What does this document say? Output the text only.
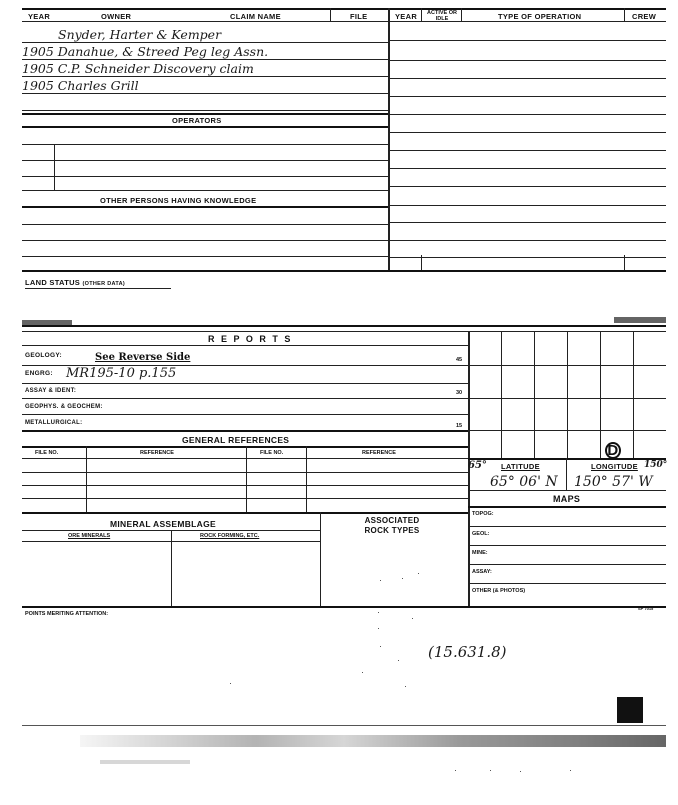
YEAR	OWNER	CLAIM NAME	FILE	YEAR	ACTIVE OR IDLE	TYPE OF OPERATION	CREW
Snyder, Harter & Kemper
1905 Danahue, & Streed Peg leg Assn.
1905 C.P. Schneider Discovery claim
1905 Charles Grill
OPERATORS
OTHER PERSONS HAVING KNOWLEDGE
LAND STATUS (OTHER DATA)
R E P O R T S
GEOLOGY:	See Reverse Side
ENGRG: MR195-10 p.155
ASSAY & IDENT:
GEOPHYS. & GEOCHEM:
METALLURGICAL:
45
30
15
D
65° LATITUDE	LONGITUDE 150°
65° 06' N 150° 57' W
MAPS
TOPOG:
GEOL:
MINE:
ASSAY:
OTHER (& PHOTOS)
GENERAL REFERENCES
FILE NO.	REFERENCE	FILE NO.	REFERENCE
MINERAL ASSEMBLAGE	ASSOCIATED ROCK TYPES
ORE MINERALS	ROCK FORMING, ETC.
POINTS MERITING ATTENTION:
SP 7015
(15.631.8)
